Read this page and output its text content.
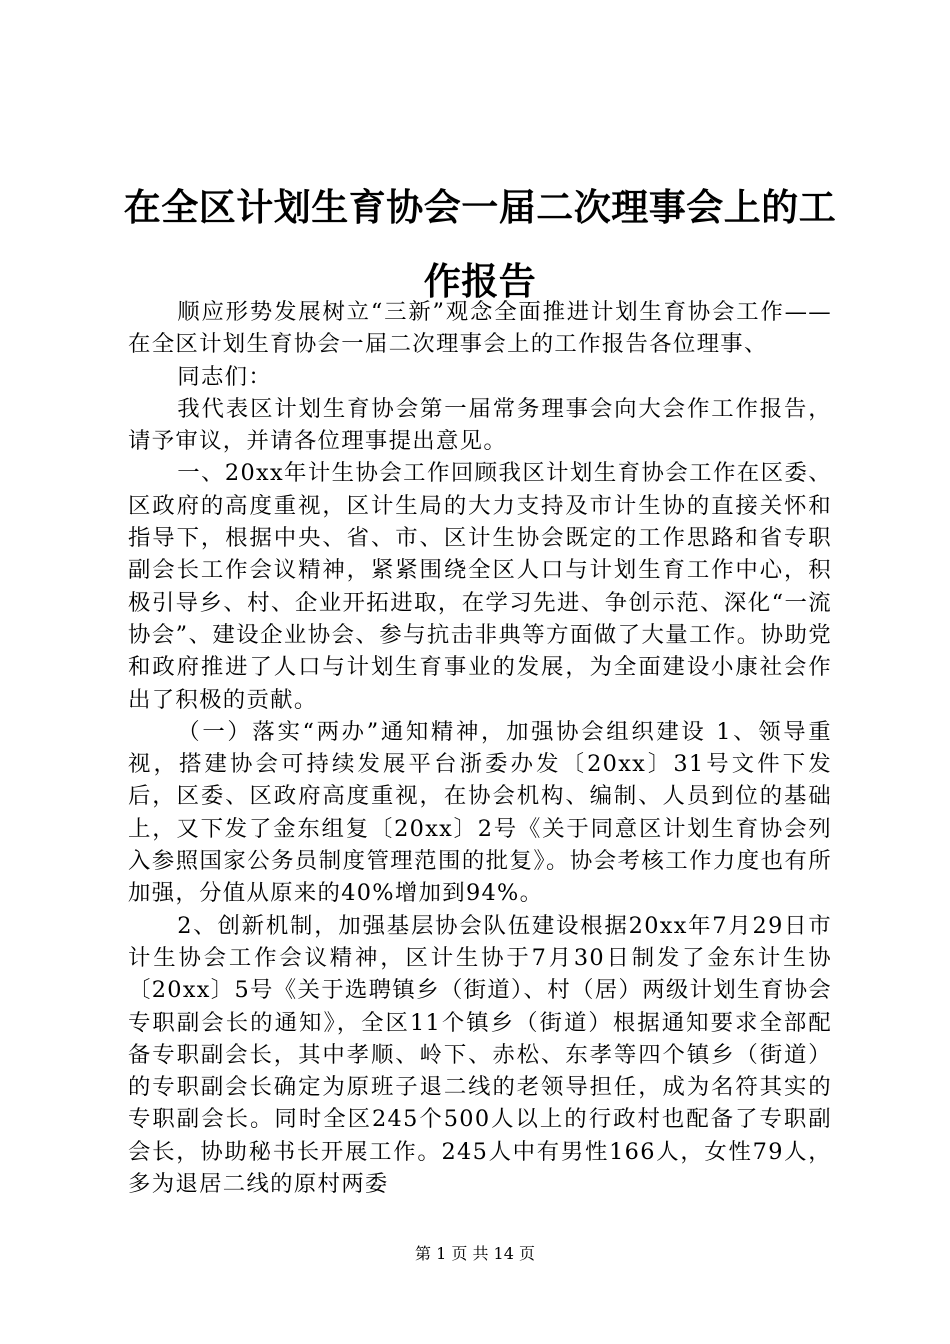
在全区计划生育协会一届二次理事会上的工作报告

顺应形势发展树立“三新”观念全面推进计划生育协会工作——在全区计划生育协会一届二次理事会上的工作报告各位理事、

同志们：

我代表区计划生育协会第一届常务理事会向大会作工作报告，请予审议，并请各位理事提出意见。

一、20xx年计生协会工作回顾我区计划生育协会工作在区委、区政府的高度重视，区计生局的大力支持及市计生协的直接关怀和指导下，根据中央、省、市、区计生协会既定的工作思路和省专职副会长工作会议精神，紧紧围绕全区人口与计划生育工作中心，积极引导乡、村、企业开拓进取，在学习先进、争创示范、深化“一流协会”、建设企业协会、参与抗击非典等方面做了大量工作。协助党和政府推进了人口与计划生育事业的发展，为全面建设小康社会作出了积极的贡献。

（一）落实“两办”通知精神，加强协会组织建设 1、领导重视，搭建协会可持续发展平台浙委办发〔20xx〕31号文件下发后，区委、区政府高度重视，在协会机构、编制、人员到位的基础上，又下发了金东组复〔20xx〕2号《关于同意区计划生育协会列入参照国家公务员制度管理范围的批复》。协会考核工作力度也有所加强，分值从原来的40%增加到94%。

2、创新机制，加强基层协会队伍建设根据20xx年7月29日市计生协会工作会议精神，区计生协于7月30日制发了金东计生协〔20xx〕5号《关于选聘镇乡（街道）、村（居）两级计划生育协会专职副会长的通知》，全区11个镇乡（街道）根据通知要求全部配备专职副会长，其中孝顺、岭下、赤松、东孝等四个镇乡（街道）的专职副会长确定为原班子退二线的老领导担任，成为名符其实的专职副会长。同时全区245个500人以上的行政村也配备了专职副会长，协助秘书长开展工作。245人中有男性166人，女性79人，多为退居二线的原村两委

第 1 页 共 14 页
